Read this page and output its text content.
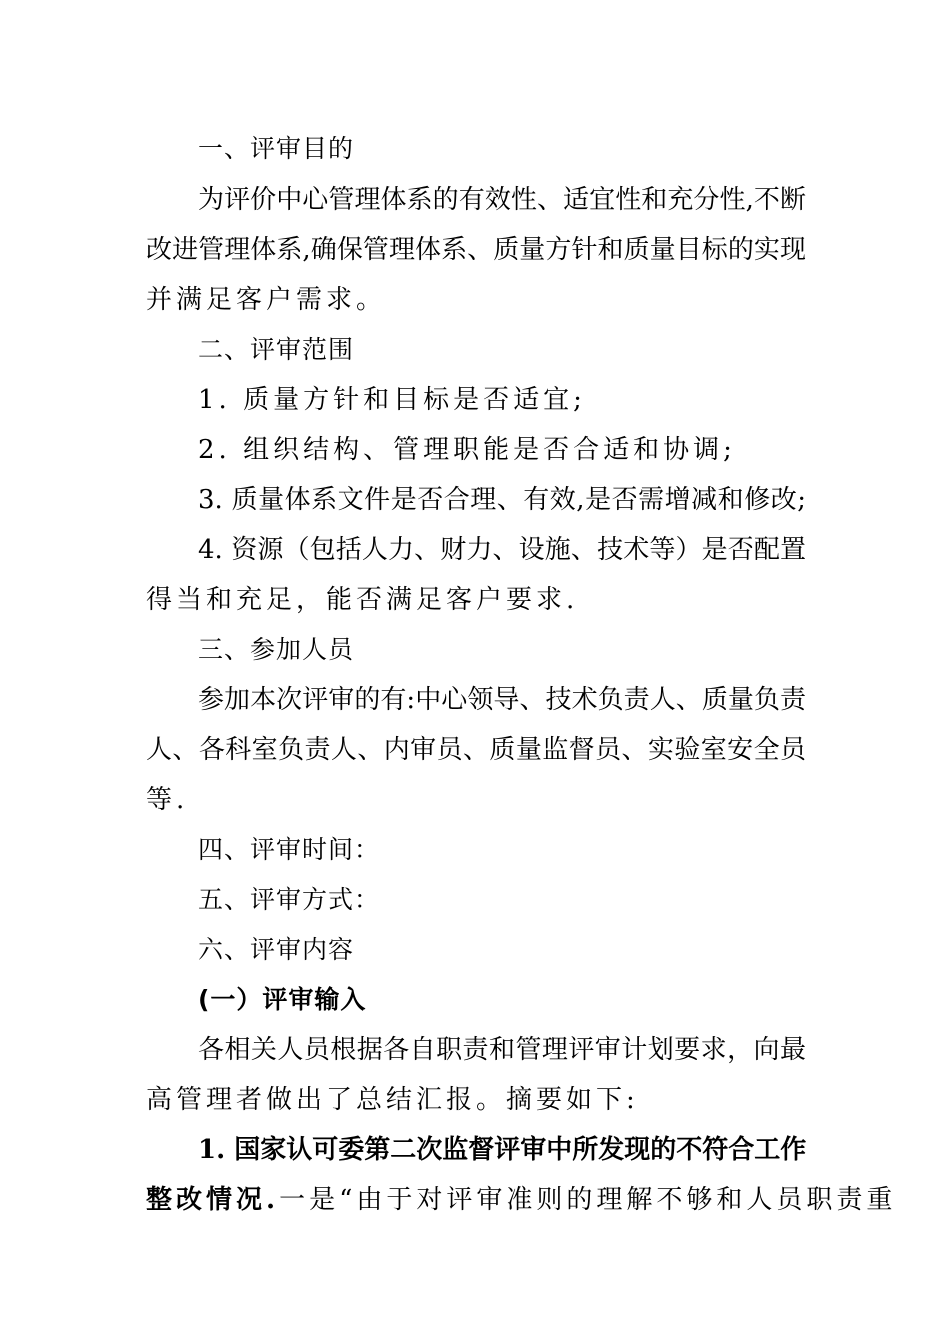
一、评审目的
为评价中心管理体系的有效性、适宜性和充分性,不断
改进管理体系,确保管理体系、质量方针和质量目标的实现
并满足客户需求。
二、评审范围
1. 质量方针和目标是否适宜;
2. 组织结构、管理职能是否合适和协调;
3. 质量体系文件是否合理、有效,是否需增减和修改;
4. 资源（包括人力、财力、设施、技术等）是否配置
得当和充足，能否满足客户要求.
三、参加人员
参加本次评审的有:中心领导、技术负责人、质量负责
人、各科室负责人、内审员、质量监督员、实验室安全员
等.
四、评审时间：
五、评审方式：
六、评审内容
(一）评审输入
各相关人员根据各自职责和管理评审计划要求，向最
高管理者做出了总结汇报。摘要如下:
1. 国家认可委第二次监督评审中所发现的不符合工作
整改情况.一是“由于对评审准则的理解不够和人员职责重
